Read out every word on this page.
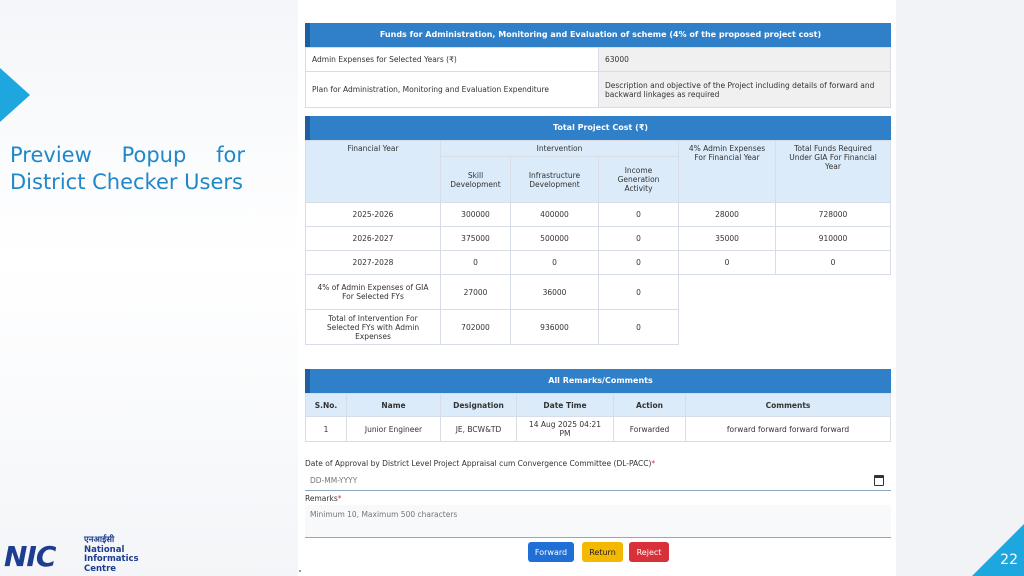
Preview Popup for
District Checker Users
NIC	एनआईसी
National
Informatics
Centre
22
Funds for Administration, Monitoring and Evaluation of scheme (4% of the proposed project cost)
Admin Expenses for Selected Years (₹)	63000
Plan for Administration, Monitoring and Evaluation Expenditure	Description and objective of the Project including details of forward and backward linkages as required
Total Project Cost (₹)
Financial Year	Intervention			4% Admin Expenses For Financial Year	Total Funds Required Under GIA For Financial Year
	Skill Development	Infrastructure Development	Income Generation Activity		
2025-2026	300000	400000	0	28000	728000
2026-2027	375000	500000	0	35000	910000
2027-2028	0	0	0	0	0
4% of Admin Expenses of GIA For Selected FYs	27000	36000	0		
Total of Intervention For Selected FYs with Admin Expenses	702000	936000	0		
All Remarks/Comments
S.No.	Name	Designation	Date Time	Action	Comments
1	Junior Engineer	JE, BCW&TD	14 Aug 2025 04:21 PM	Forwarded	forward forward forward forward
Date of Approval by District Level Project Appraisal cum Convergence Committee (DL-PACC)*
DD-MM-YYYY
Remarks*
Minimum 10, Maximum 500 characters
Forward	Return	Reject
